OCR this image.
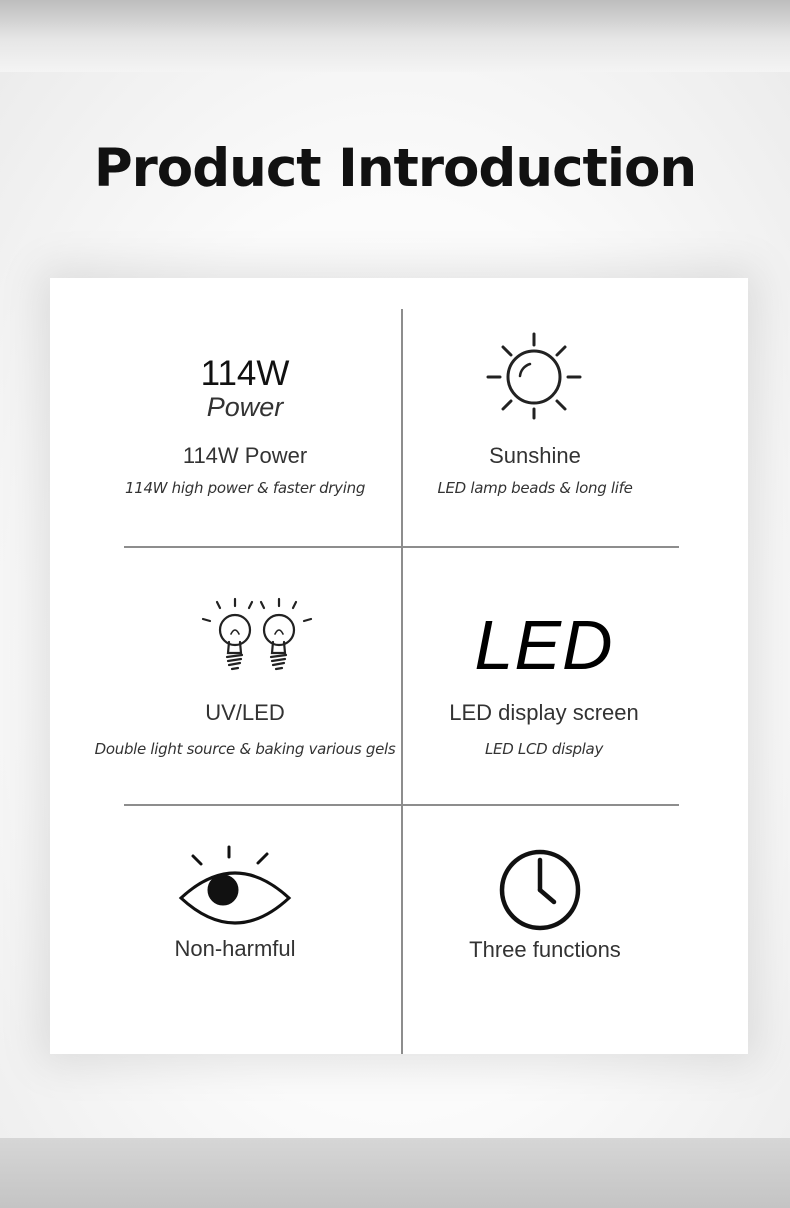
Product Introduction
114W
Power
114W Power
114W high power & faster drying
Sunshine
LED lamp beads & long life
UV/LED
Double light source & baking various gels
LED
LED display screen
LED LCD display
Non-harmful	Three functions
